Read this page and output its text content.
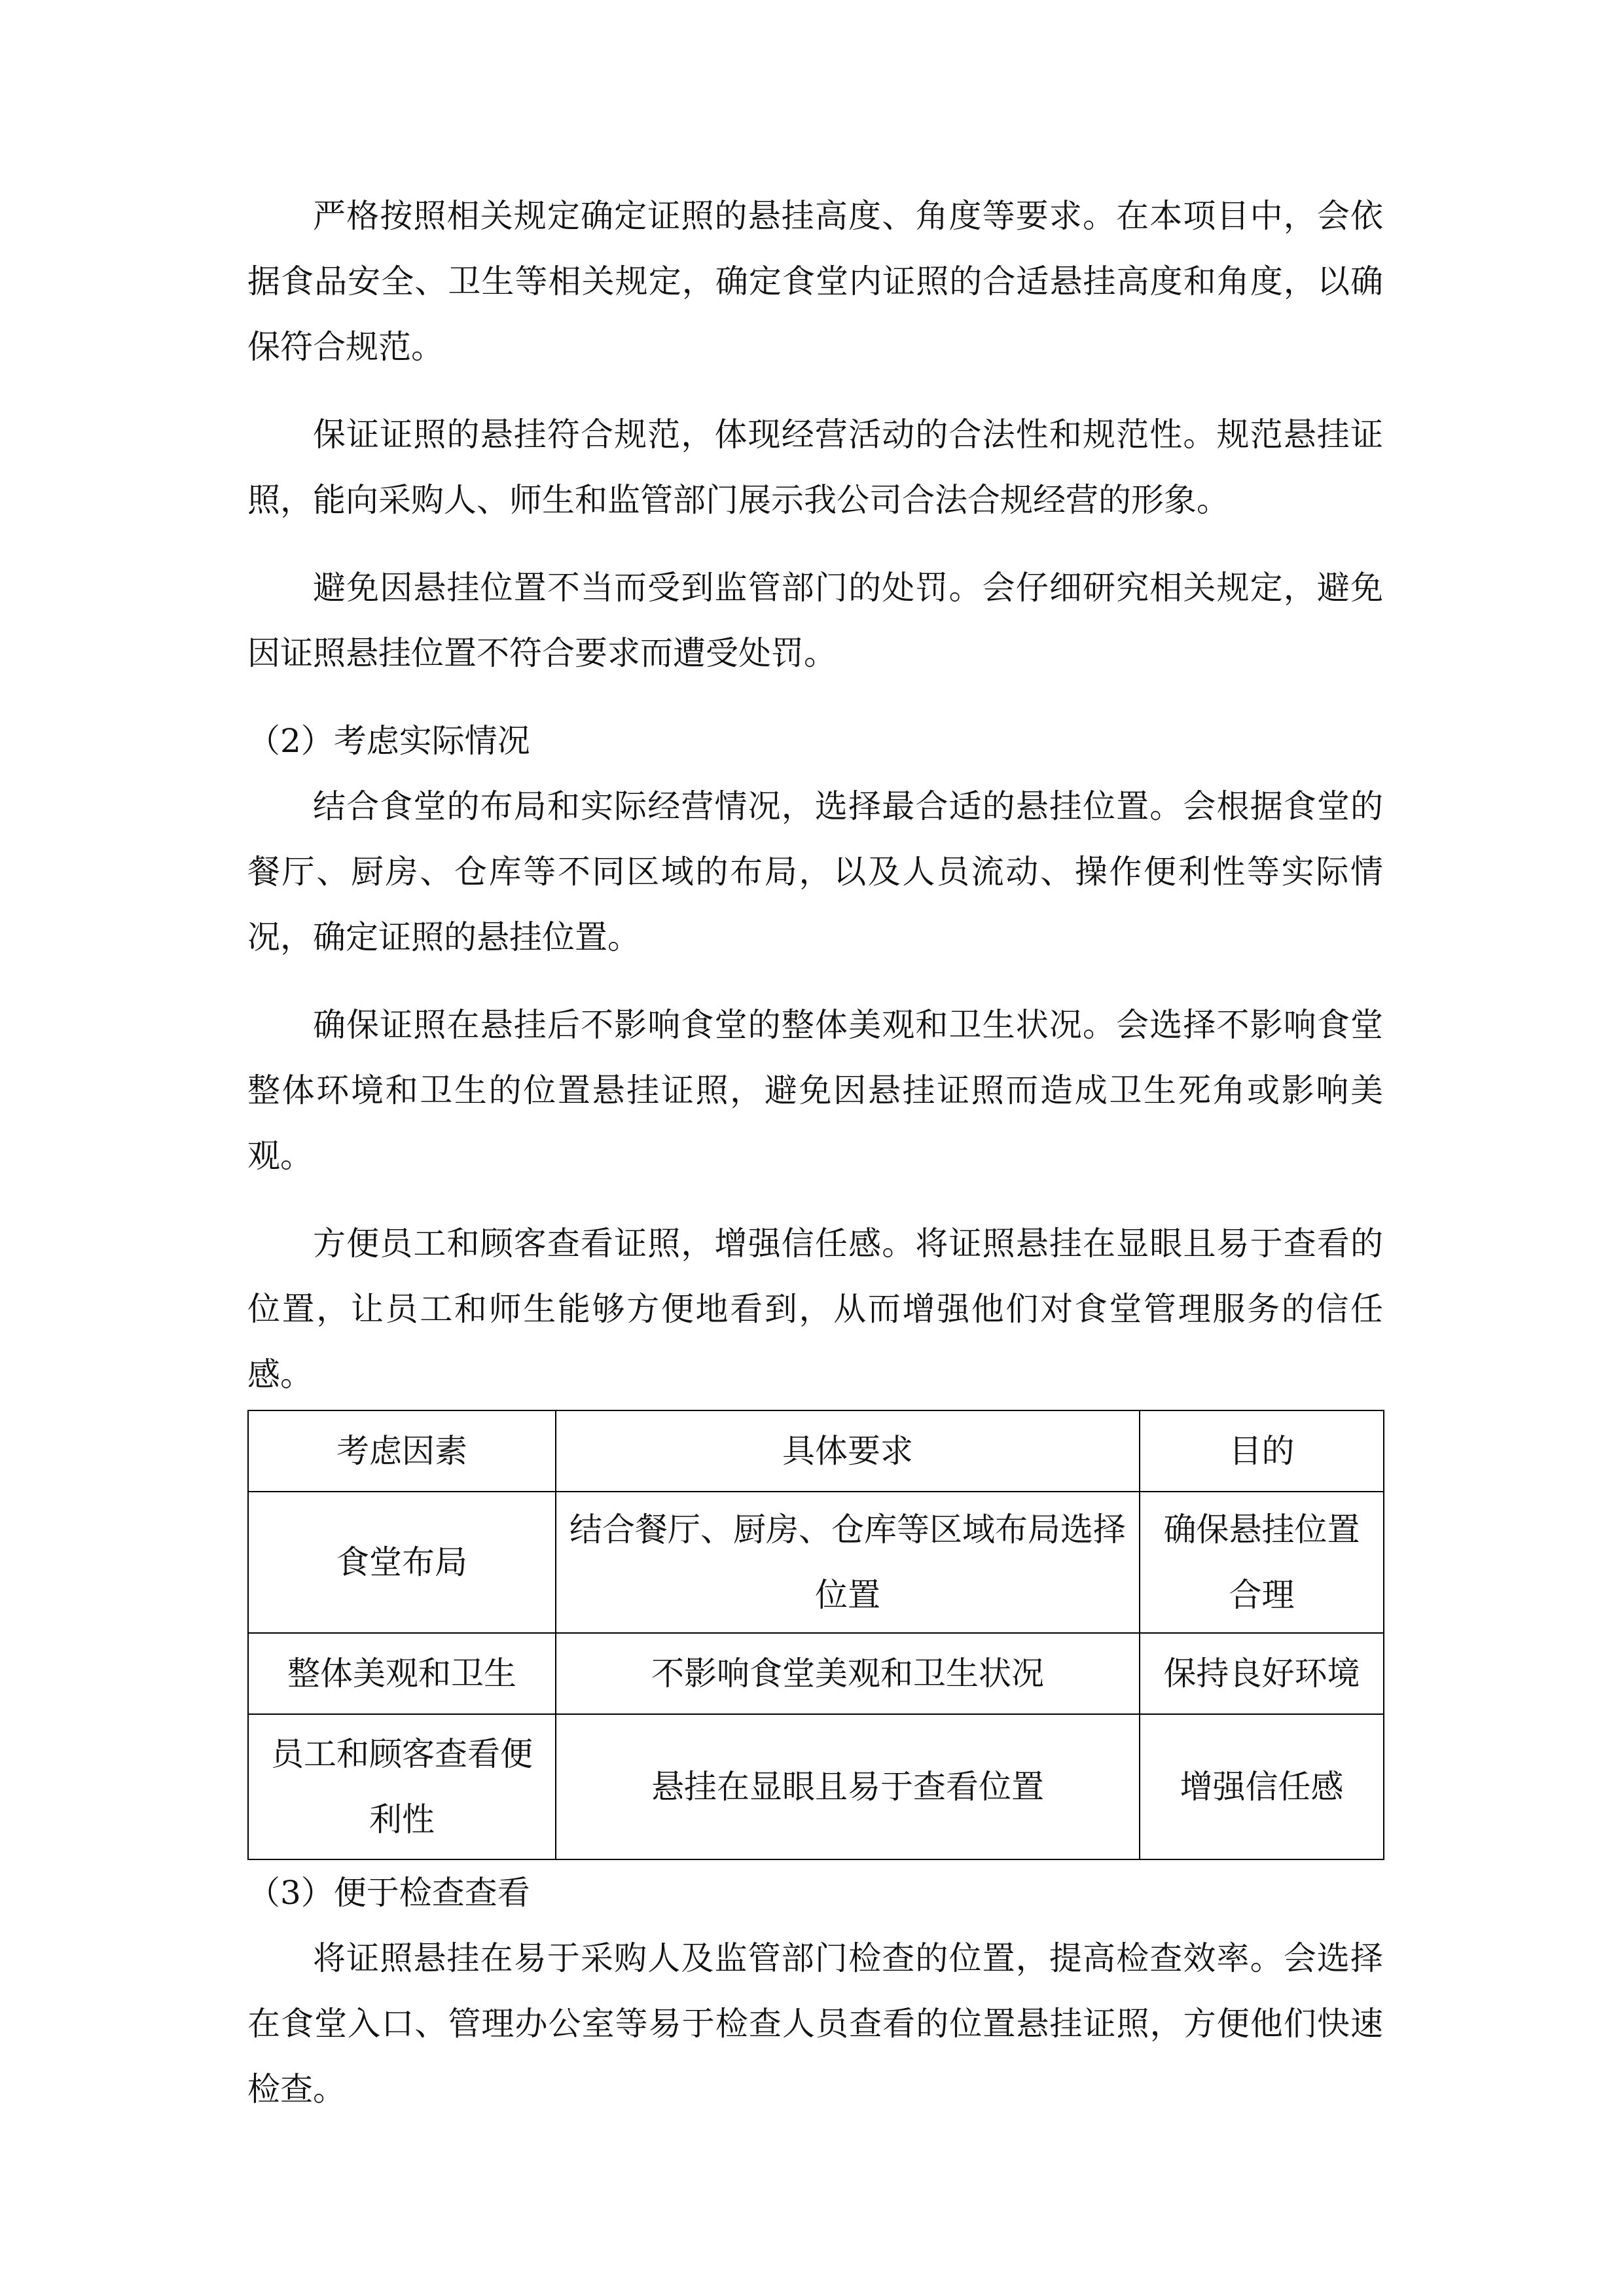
严格按照相关规定确定证照的悬挂高度、角度等要求。在本项目中，会依据食品安全、卫生等相关规定，确定食堂内证照的合适悬挂高度和角度，以确保符合规范。

保证证照的悬挂符合规范，体现经营活动的合法性和规范性。规范悬挂证照，能向采购人、师生和监管部门展示我公司合法合规经营的形象。

避免因悬挂位置不当而受到监管部门的处罚。会仔细研究相关规定，避免因证照悬挂位置不符合要求而遭受处罚。

（2）考虑实际情况

结合食堂的布局和实际经营情况，选择最合适的悬挂位置。会根据食堂的餐厅、厨房、仓库等不同区域的布局，以及人员流动、操作便利性等实际情况，确定证照的悬挂位置。

确保证照在悬挂后不影响食堂的整体美观和卫生状况。会选择不影响食堂整体环境和卫生的位置悬挂证照，避免因悬挂证照而造成卫生死角或影响美观。

方便员工和顾客查看证照，增强信任感。将证照悬挂在显眼且易于查看的位置，让员工和师生能够方便地看到，从而增强他们对食堂管理服务的信任感。

考虑因素	具体要求	目的
食堂布局	结合餐厅、厨房、仓库等区域布局选择位置	确保悬挂位置合理
整体美观和卫生	不影响食堂美观和卫生状况	保持良好环境
员工和顾客查看便利性	悬挂在显眼且易于查看位置	增强信任感

（3）便于检查查看

将证照悬挂在易于采购人及监管部门检查的位置，提高检查效率。会选择在食堂入口、管理办公室等易于检查人员查看的位置悬挂证照，方便他们快速检查。
